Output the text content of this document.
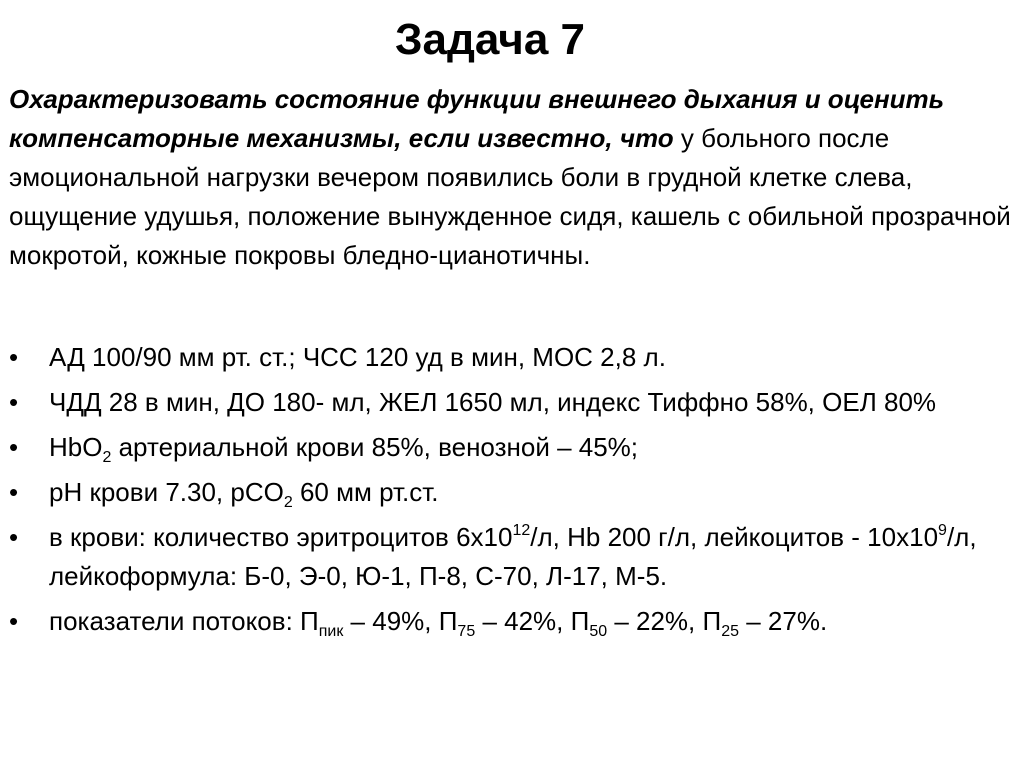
Задача 7
Охарактеризовать состояние функции внешнего дыхания и оценить компенсаторные механизмы, если известно, что у больного после эмоциональной нагрузки вечером появились боли в грудной клетке слева, ощущение удушья, положение вынужденное сидя, кашель с обильной прозрачной мокротой, кожные покровы бледно-цианотичны.
•	АД 100/90 мм рт. ст.; ЧСС 120 уд в мин, МОС 2,8 л.
•	ЧДД 28 в мин, ДО 180- мл, ЖЕЛ 1650 мл, индекс Тиффно 58%, ОЕЛ 80%
•	HbO$_2$ артериальной крови 85%, венозной – 45%;
•	pH крови 7.30, pCO$_2$ 60 мм рт.ст.
•	в крови: количество эритроцитов $6х10^{12}/л$, Hb 200 г/л, лейкоцитов - $10х10^9/л$, лейкоформула: Б-0, Э-0, Ю-1, П-8, С-70, Л-17, М-5.
•	показатели потоков: $П_{пик} - 49\%$, $П_{75} - 42\%$, $П_{50} - 22\%$, $П_{25} - 27\%$.
